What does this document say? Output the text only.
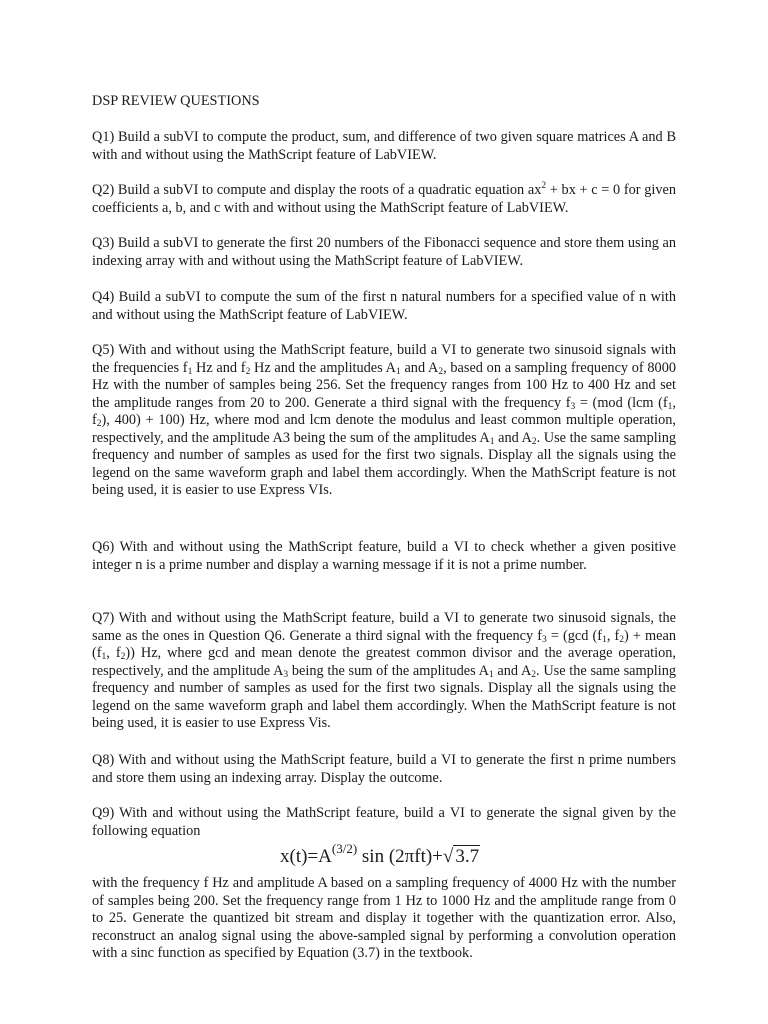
DSP REVIEW QUESTIONS
Q1) Build a subVI to compute the product, sum, and difference of two given square matrices A and B with and without using the MathScript feature of LabVIEW.
Q2) Build a subVI to compute and display the roots of a quadratic equation $ax^2$ + bx + c = 0 for given coefficients a, b, and c with and without using the MathScript feature of LabVIEW.
Q3) Build a subVI to generate the first 20 numbers of the Fibonacci sequence and store them using an indexing array with and without using the MathScript feature of LabVIEW.
Q4) Build a subVI to compute the sum of the first n natural numbers for a specified value of n with and without using the MathScript feature of LabVIEW.
Q5) With and without using the MathScript feature, build a VI to generate two sinusoid signals with the frequencies $f_1$ Hz and $f_2$ Hz and the amplitudes $A_1$ and $A_2$, based on a sampling frequency of 8000 Hz with the number of samples being 256. Set the frequency ranges from 100 Hz to 400 Hz and set the amplitude ranges from 20 to 200. Generate a third signal with the frequency $f_3 = (mod$ (lcm ($f_1$, $f_2$), 400) + 100) Hz, where mod and lcm denote the modulus and least common multiple operation, respectively, and the amplitude A3 being the sum of the amplitudes $A_1$ and $A_2$. Use the same sampling frequency and number of samples as used for the first two signals. Display all the signals using the legend on the same waveform graph and label them accordingly. When the MathScript feature is not being used, it is easier to use Express VIs.
Q6) With and without using the MathScript feature, build a VI to check whether a given positive integer n is a prime number and display a warning message if it is not a prime number.
Q7) With and without using the MathScript feature, build a VI to generate two sinusoid signals, the same as the ones in Question Q6. Generate a third signal with the frequency $f_3 = (\gcd$ ($f_1$, $f_2$) + mean ($f_1$, $f_2$)) Hz, where gcd and mean denote the greatest common divisor and the average operation, respectively, and the amplitude $A_3$ being the sum of the amplitudes $A_1$ and $A_2$. Use the same sampling frequency and number of samples as used for the first two signals. Display all the signals using the legend on the same waveform graph and label them accordingly. When the MathScript feature is not being used, it is easier to use Express Vis.
Q8) With and without using the MathScript feature, build a VI to generate the first n prime numbers and store them using an indexing array. Display the outcome.
Q9) With and without using the MathScript feature, build a VI to generate the signal given by the following equation
$x(t)=A^{(3/2)}$ sin (2πft)+√ 3.7
with the frequency f Hz and amplitude A based on a sampling frequency of 4000 Hz with the number of samples being 200. Set the frequency range from 1 Hz to 1000 Hz and the amplitude range from 0 to 25. Generate the quantized bit stream and display it together with the quantization error. Also, reconstruct an analog signal using the above-sampled signal by performing a convolution operation with a sinc function as specified by Equation (3.7) in the textbook.
